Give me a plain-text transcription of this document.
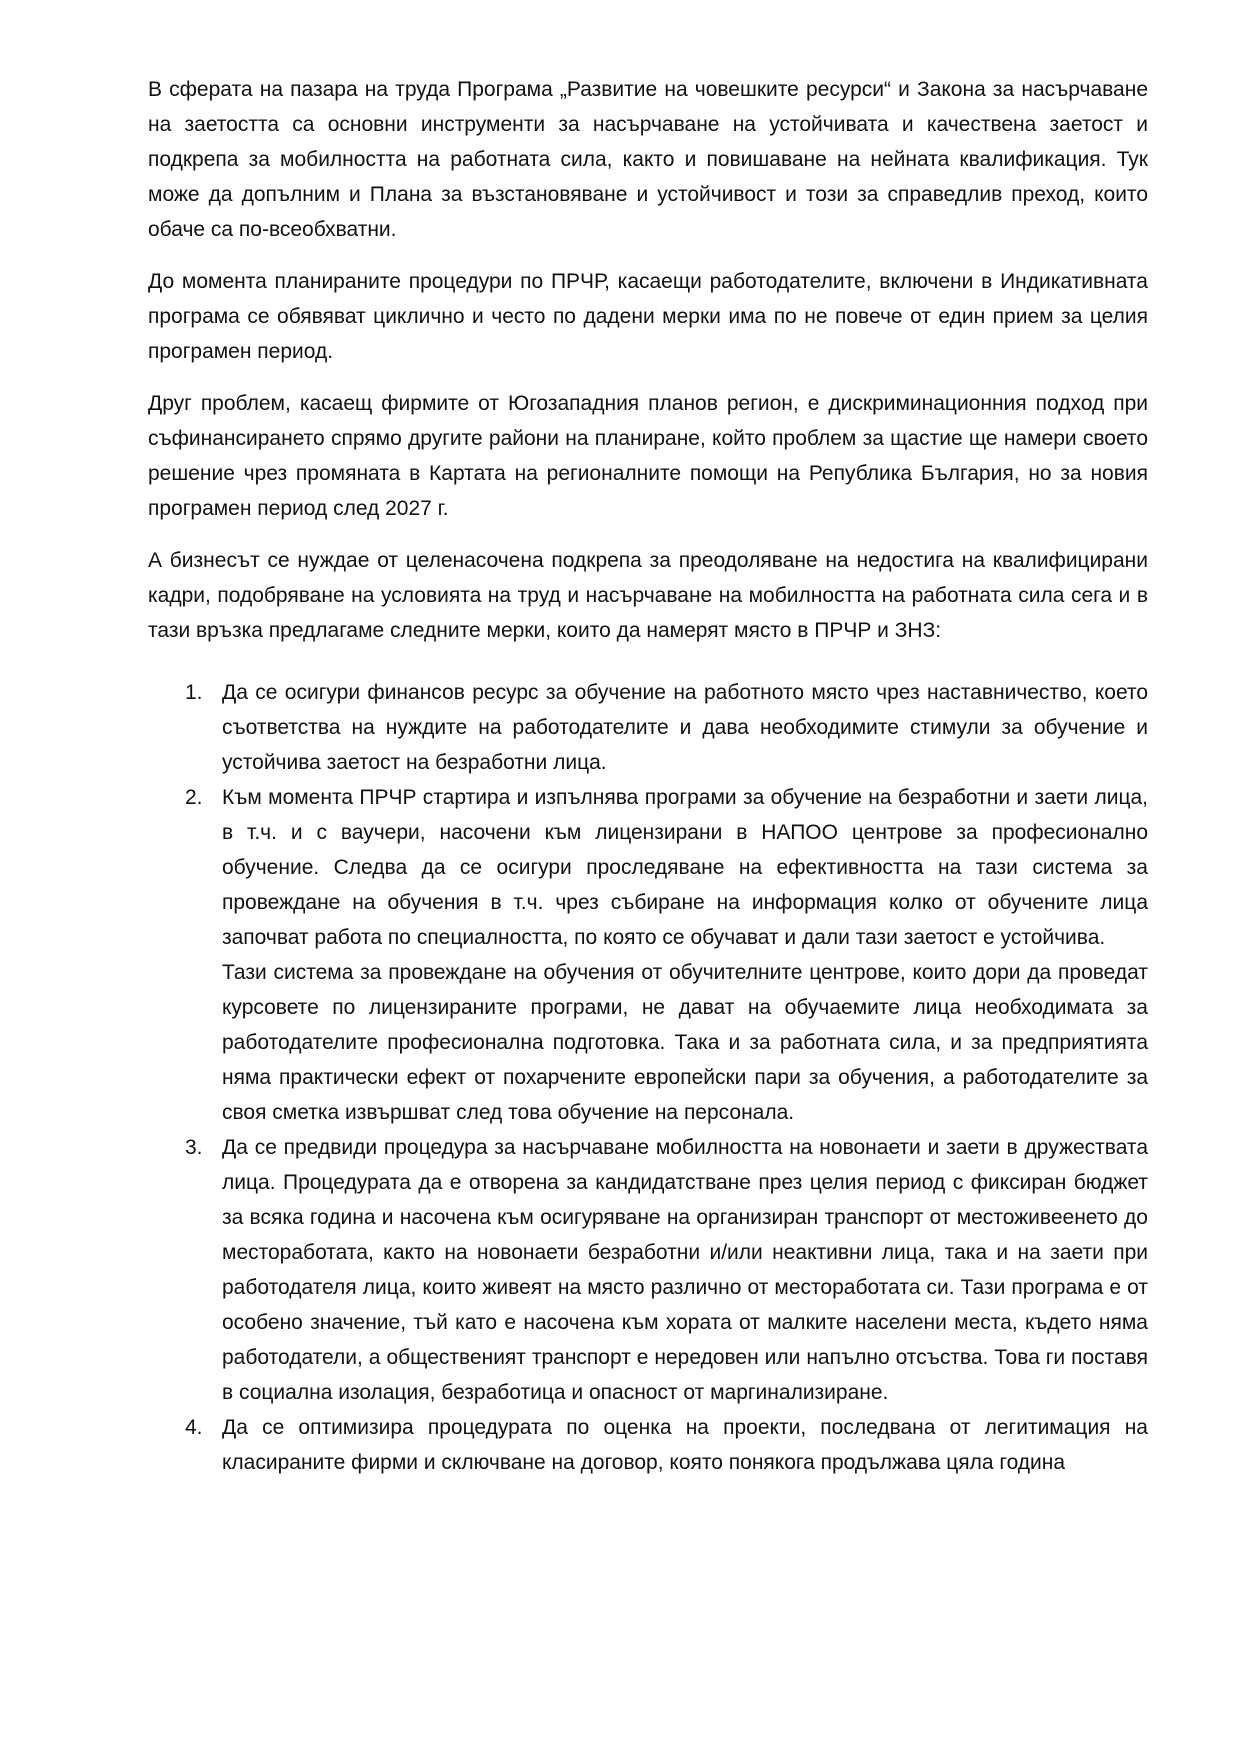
В сферата на пазара на труда Програма „Развитие на човешките ресурси“ и Закона за насърчаване на заетостта са основни инструменти за насърчаване на устойчивата и качествена заетост и подкрепа за мобилността на работната сила, както и повишаване на нейната квалификация. Тук може да допълним и Плана за възстановяване и устойчивост и този за справедлив преход, които обаче са по-всеобхватни.

До момента планираните процедури по ПРЧР, касаещи работодателите, включени в Индикативната програма се обявяват циклично и често по дадени мерки има по не повече от един прием за целия програмен период.

Друг проблем, касаещ фирмите от Югозападния планов регион, е дискриминационния подход при съфинансирането спрямо другите райони на планиране, който проблем за щастие ще намери своето решение чрез промяната в Картата на регионалните помощи на Република България, но за новия програмен период след 2027 г.

А бизнесът се нуждае от целенасочена подкрепа за преодоляване на недостига на квалифицирани кадри, подобряване на условията на труд и насърчаване на мобилността на работната сила сега и в тази връзка предлагаме следните мерки, които да намерят място в ПРЧР и ЗНЗ:

1. Да се осигури финансов ресурс за обучение на работното място чрез наставничество, което съответства на нуждите на работодателите и дава необходимите стимули за обучение и устойчива заетост на безработни лица.

2. Към момента ПРЧР стартира и изпълнява програми за обучение на безработни и заети лица, в т.ч. и с ваучери, насочени към лицензирани в НАПОО центрове за професионално обучение. Следва да се осигури проследяване на ефективността на тази система за провеждане на обучения в т.ч. чрез събиране на информация колко от обучените лица започват работа по специалността, по която се обучават и дали тази заетост е устойчива.

Тази система за провеждане на обучения от обучителните центрове, които дори да проведат курсовете по лицензираните програми, не дават на обучаемите лица необходимата за работодателите професионална подготовка. Така и за работната сила, и за предприятията няма практически ефект от похарчените европейски пари за обучения, а работодателите за своя сметка извършват след това обучение на персонала.

3. Да се предвиди процедура за насърчаване мобилността на новонаети и заети в дружествата лица. Процедурата да е отворена за кандидатстване през целия период с фиксиран бюджет за всяка година и насочена към осигуряване на организиран транспорт от местоживеенето до месторaботата, както на новонаети безработни и/или неактивни лица, така и на заети при работодателя лица, които живеят на място различно от месторaботата си. Тази програма е от особено значение, тъй като е насочена към хората от малките населени места, където няма работодатели, а общественият транспорт е нередовен или напълно отсъства. Това ги поставя в социална изолация, безработица и опасност от маргинализиране.

4. Да се оптимизира процедурата по оценка на проекти, последвана от легитимация на класираните фирми и сключване на договор, която понякога продължава цяла година
